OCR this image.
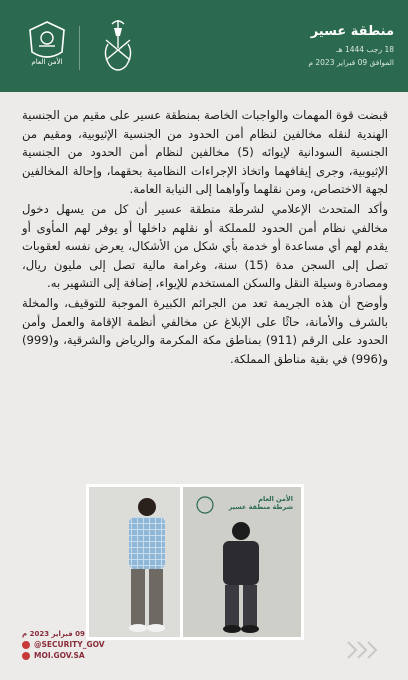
منطقة عسير
18 رجب 1444 هـ
الموافق 09 فبراير 2023 م
الأمن العام

قبضت قوة المهمات والواجبات الخاصة بمنطقة عسير على مقيم من الجنسية الهندية لنقله مخالفين لنظام أمن الحدود من الجنسية الإثيوبية، ومقيم من الجنسية السودانية لإيوائه (5) مخالفين لنظام أمن الحدود من الجنسية الإثيوبية، وجرى إيقافهما واتخاذ الإجراءات النظامية بحقهما، وإحالة المخالفين لجهة الاختصاص، ومن نقلهما وآواهما إلى النيابة العامة.

وأكد المتحدث الإعلامي لشرطة منطقة عسير أن كل من يسهل دخول مخالفي نظام أمن الحدود للمملكة أو نقلهم داخلها أو يوفر لهم المأوى أو يقدم لهم أي مساعدة أو خدمة بأي شكل من الأشكال، يعرض نفسه لعقوبات تصل إلى السجن مدة (15) سنة، وغرامة مالية تصل إلى مليون ريال، ومصادرة وسيلة النقل والسكن المستخدم للإيواء، إضافة إلى التشهير به.

وأوضح أن هذه الجريمة تعد من الجرائم الكبيرة الموجبة للتوقيف، والمخلة بالشرف والأمانة، حاثًا على الإبلاغ عن مخالفي أنظمة الإقامة والعمل وأمن الحدود على الرقم (911) بمناطق مكة المكرمة والرياض والشرقية، و(999) و(996) في بقية مناطق المملكة.

الأمن العام
شرطة منطقة عسير
09 فبراير 2023 م
@SECURITY_GOV
MOI.GOV.SA
